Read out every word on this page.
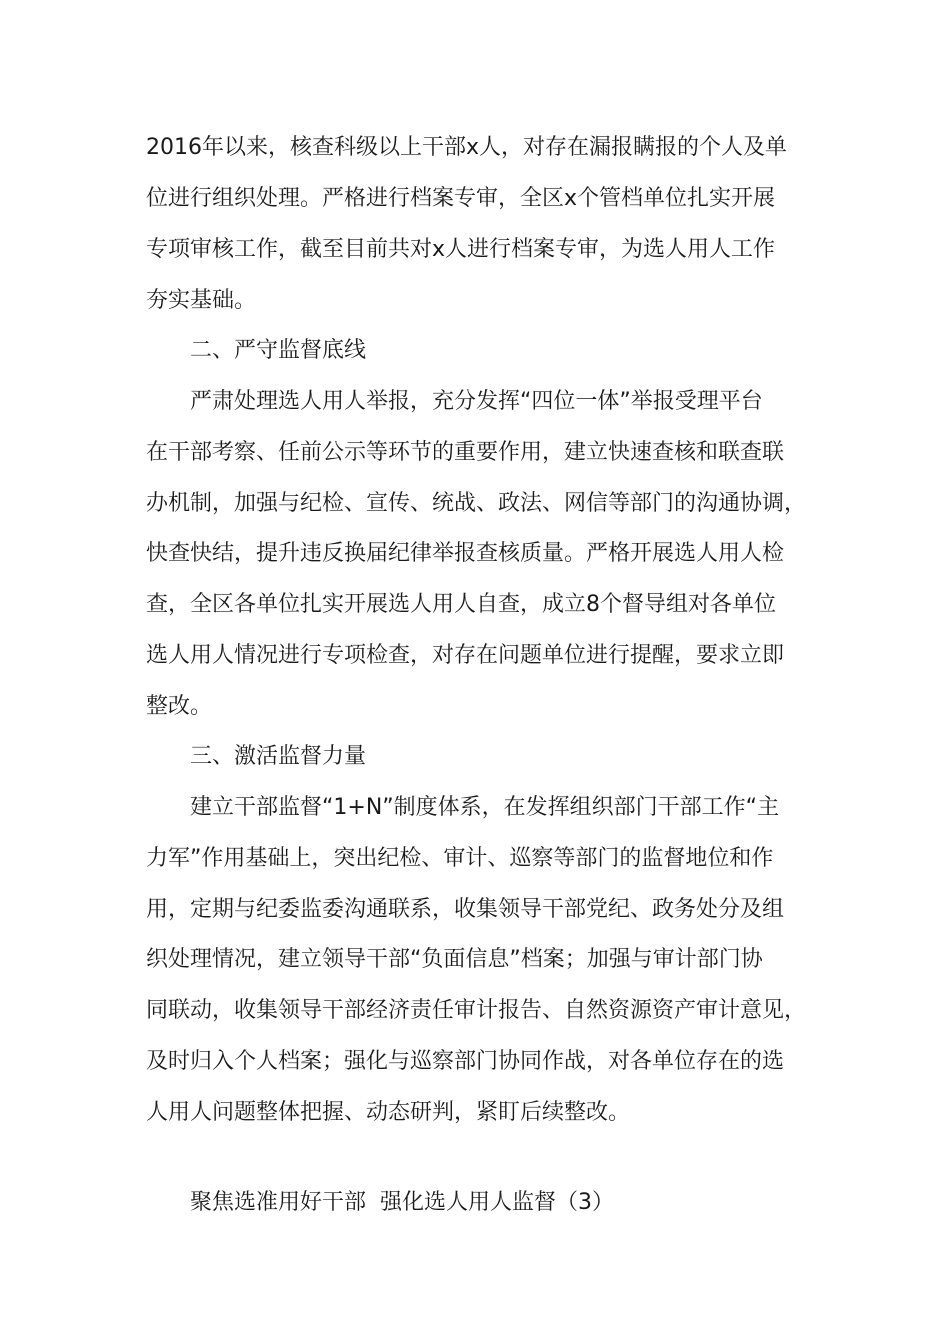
2016年以来，核查科级以上干部x人，对存在漏报瞒报的个人及单
位进行组织处理。严格进行档案专审，全区x个管档单位扎实开展
专项审核工作，截至目前共对x人进行档案专审，为选人用人工作
夯实基础。
二、严守监督底线
严肃处理选人用人举报，充分发挥“四位一体”举报受理平台
在干部考察、任前公示等环节的重要作用，建立快速查核和联查联
办机制，加强与纪检、宣传、统战、政法、网信等部门的沟通协调，
快查快结，提升违反换届纪律举报查核质量。严格开展选人用人检
查，全区各单位扎实开展选人用人自查，成立8个督导组对各单位
选人用人情况进行专项检查，对存在问题单位进行提醒，要求立即
整改。
三、激活监督力量
建立干部监督“1+N”制度体系，在发挥组织部门干部工作“主
力军”作用基础上，突出纪检、审计、巡察等部门的监督地位和作
用，定期与纪委监委沟通联系，收集领导干部党纪、政务处分及组
织处理情况，建立领导干部“负面信息”档案；加强与审计部门协
同联动，收集领导干部经济责任审计报告、自然资源资产审计意见，
及时归入个人档案；强化与巡察部门协同作战，对各单位存在的选
人用人问题整体把握、动态研判，紧盯后续整改。
聚焦选准用好干部  强化选人用人监督（3）
